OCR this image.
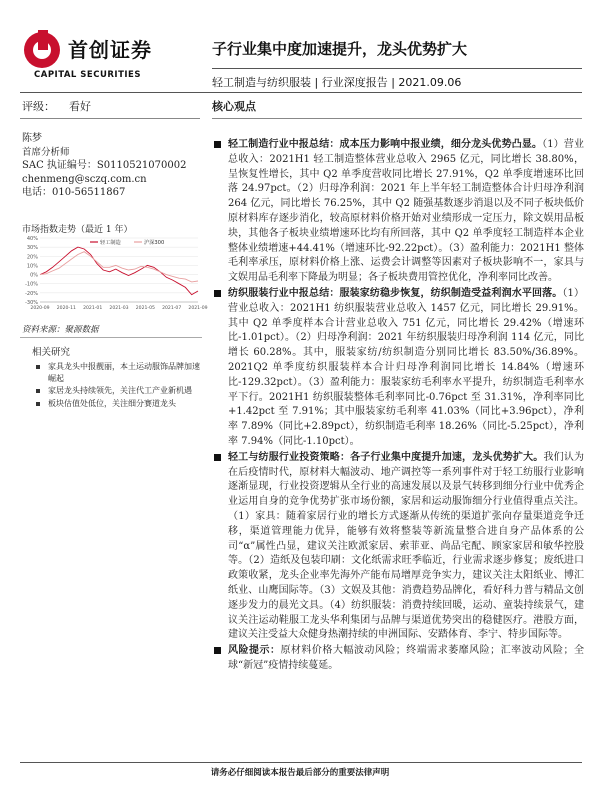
首创证券
CAPITAL SECURITIES
子行业集中度加速提升，龙头优势扩大
轻工制造与纺织服装 | 行业深度报告 | 2021.09.06
评级： 看好	核心观点
陈梦
首席分析师
SAC 执证编号：S0110521070002
chenmeng@sczq.com.cn
电话：010-56511867
市场指数走势（最近 1 年）
-30%
-20%
-10%
0%
10%
20%
30%
40%
2020-09 2020-11 2021-01 2021-03 2021-05 2021-07 2021-09
轻工制造	沪深300
资料来源：聚源数据
相关研究
家具龙头中报靓丽，本土运动服饰品牌加速崛起
家居龙头持续领先，关注代工产业新机遇
板块估值处低位，关注细分赛道龙头
轻工制造行业中报总结：成本压力影响中报业绩，细分龙头优势凸显。（1）营业总收入：2021H1 轻工制造整体营业总收入 2965 亿元，同比增长 38.80%，呈恢复性增长，其中 Q2 单季度营收同比增长 27.91%，Q2 单季度增速环比回落 24.97pct。（2）归母净利润：2021 年上半年轻工制造整体合计归母净利润 264 亿元，同比增长 76.25%，其中 Q2 随强基数逐步消退以及不同子板块低价原材料库存逐步消化，较高原材料价格开始对业绩形成一定压力，除文娱用品板块，其他各子板块业绩增速环比均有所回落，其中 Q2 单季度轻工制造样本企业整体业绩增速+44.41%（增速环比-92.22pct）。（3）盈利能力：2021H1 整体毛利率承压，原材料价格上涨、运费会计调整等因素对子板块影响不一，家具与文娱用品毛利率下降最为明显；各子板块费用管控优化，净利率同比改善。
纺织服装行业中报总结：服装家纺稳步恢复，纺织制造受益利润水平回落。（1）营业总收入：2021H1 纺织服装营业总收入 1457 亿元，同比增长 29.91%。其中 Q2 单季度样本合计营业总收入 751 亿元，同比增长 29.42%（增速环比-1.01pct）。（2）归母净利润：2021 年纺织服装归母净利润 114 亿元，同比增长 60.28%。其中，服装家纺/纺织制造分别同比增长 83.50%/36.89%。2021Q2 单季度纺织服装样本合计归母净利润同比增长 14.84%（增速环比-129.32pct）。（3）盈利能力：服装家纺毛利率水平提升，纺织制造毛利率水平下行。2021H1 纺织服装整体毛利率同比-0.76pct 至 31.31%，净利率同比+1.42pct 至 7.91%；其中服装家纺毛利率 41.03%（同比+3.96pct），净利率 7.89%（同比+2.89pct），纺织制造毛利率 18.26%（同比-5.25pct），净利率 7.94%（同比-1.10pct）。
轻工与纺服行业投资策略：各子行业集中度提升加速，龙头优势扩大。我们认为在后疫情时代，原材料大幅波动、地产调控等一系列事件对于轻工纺服行业影响逐渐显现，行业投资逻辑从全行业的高速发展以及景气转移到细分行业中优秀企业运用自身的竞争优势扩张市场份额，家居和运动服饰细分行业值得重点关注。（1）家具：随着家居行业的增长方式逐渐从传统的渠道扩张向存量渠道竞争迁移，渠道管理能力优异，能够有效将整装等新流量整合进自身产品体系的公司“α”属性凸显，建议关注欧派家居、索菲亚、尚品宅配、顾家家居和敏华控股等。（2）造纸及包装印刷：文化纸需求旺季临近，行业需求逐步修复；废纸进口政策收紧，龙头企业率先海外产能布局增厚竞争实力，建议关注太阳纸业、博汇纸业、山鹰国际等。（3）文娱及其他：消费趋势品牌化，看好科力普与精品文创逐步发力的晨光文具。（4）纺织服装：消费持续回暖，运动、童装持续景气，建议关注运动鞋服工龙头华利集团与品牌与渠道优势突出的稳健医疗。港股方面，建议关注受益大众健身热潮持续的申洲国际、安踏体育、李宁、特步国际等。
风险提示：原材料价格大幅波动风险；终端需求萎靡风险；汇率波动风险；全球“新冠”疫情持续蔓延。
请务必仔细阅读本报告最后部分的重要法律声明
